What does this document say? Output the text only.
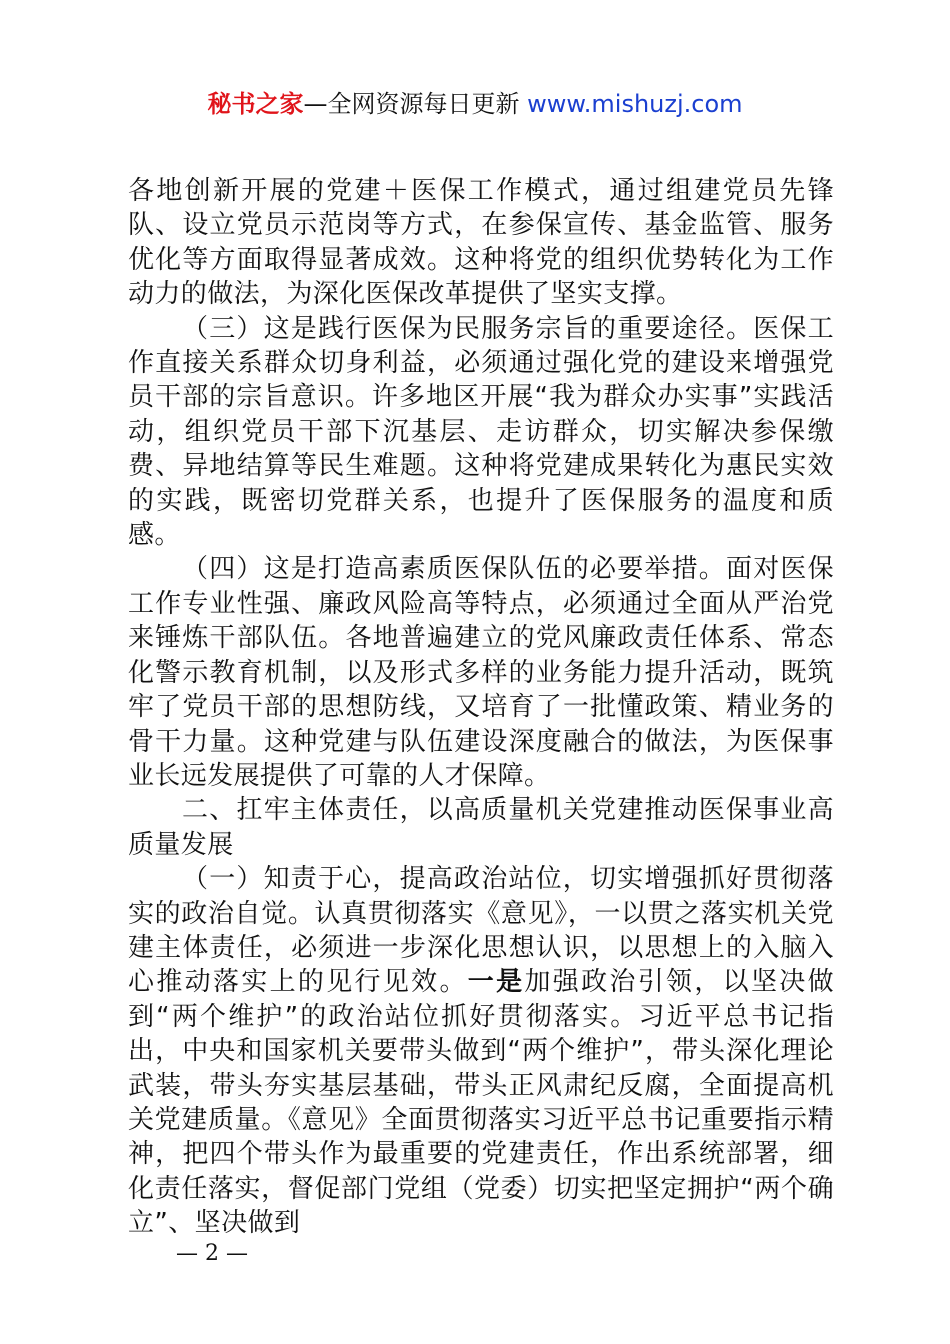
秘书之家—全网资源每日更新 www.mishuzj.com

各地创新开展的党建＋医保工作模式，通过组建党员先锋队、设立党员示范岗等方式，在参保宣传、基金监管、服务优化等方面取得显著成效。这种将党的组织优势转化为工作动力的做法，为深化医保改革提供了坚实支撑。

（三）这是践行医保为民服务宗旨的重要途径。医保工作直接关系群众切身利益，必须通过强化党的建设来增强党员干部的宗旨意识。许多地区开展“我为群众办实事”实践活动，组织党员干部下沉基层、走访群众，切实解决参保缴费、异地结算等民生难题。这种将党建成果转化为惠民实效的实践，既密切党群关系，也提升了医保服务的温度和质感。

（四）这是打造高素质医保队伍的必要举措。面对医保工作专业性强、廉政风险高等特点，必须通过全面从严治党来锤炼干部队伍。各地普遍建立的党风廉政责任体系、常态化警示教育机制，以及形式多样的业务能力提升活动，既筑牢了党员干部的思想防线，又培育了一批懂政策、精业务的骨干力量。这种党建与队伍建设深度融合的做法，为医保事业长远发展提供了可靠的人才保障。

二、扛牢主体责任，以高质量机关党建推动医保事业高质量发展

（一）知责于心，提高政治站位，切实增强抓好贯彻落实的政治自觉。认真贯彻落实《意见》，一以贯之落实机关党建主体责任，必须进一步深化思想认识，以思想上的入脑入心推动落实上的见行见效。一是加强政治引领，以坚决做到“两个维护”的政治站位抓好贯彻落实。习近平总书记指出，中央和国家机关要带头做到“两个维护”，带头深化理论武装，带头夯实基层基础，带头正风肃纪反腐，全面提高机关党建质量。《意见》全面贯彻落实习近平总书记重要指示精神，把四个带头作为最重要的党建责任，作出系统部署，细化责任落实，督促部门党组（党委）切实把坚定拥护“两个确立”、坚决做到

— 2 —
